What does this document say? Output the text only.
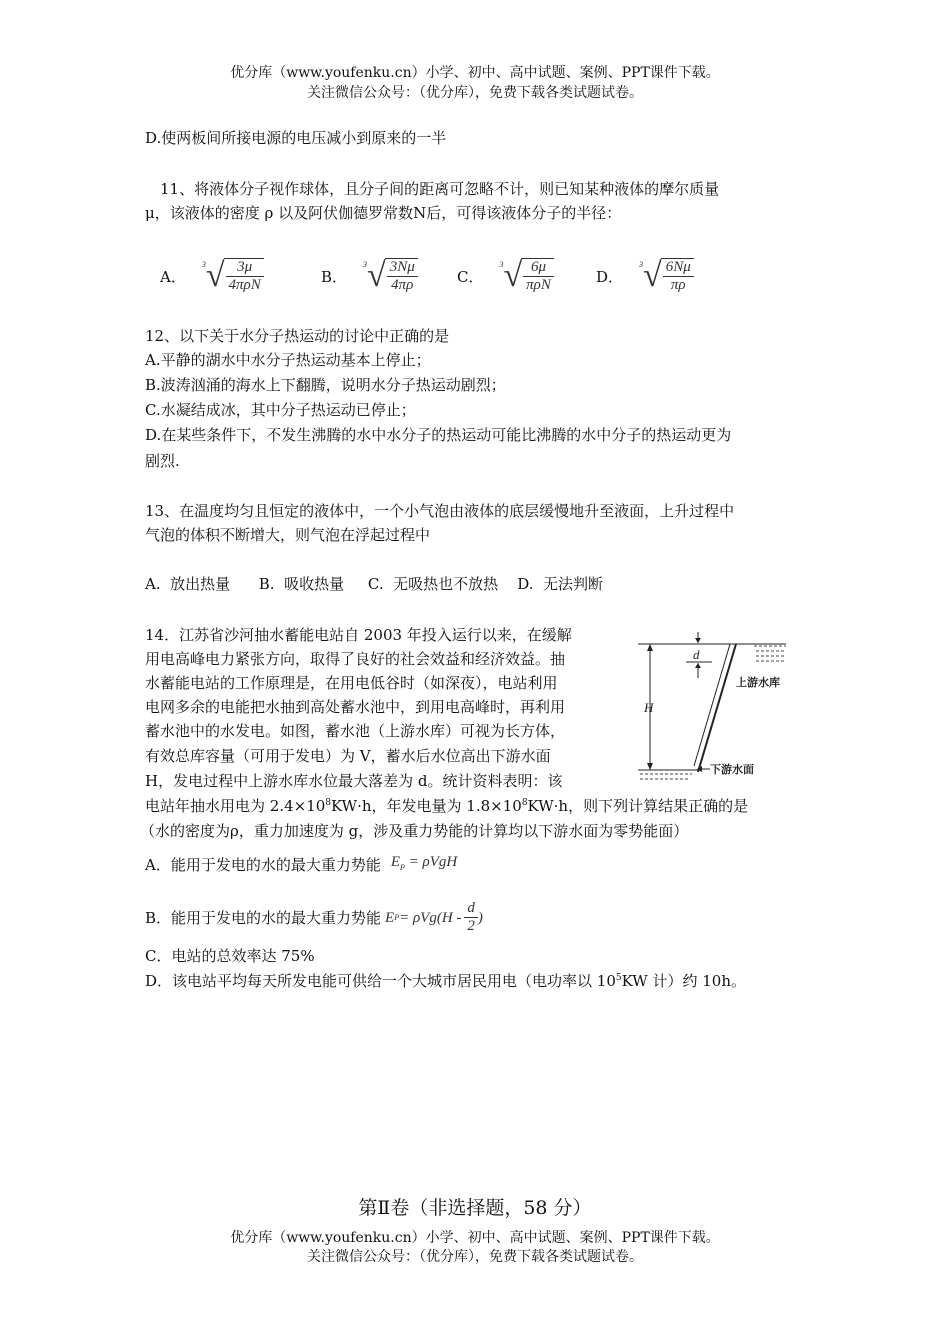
优分库（www.youfenku.cn）小学、初中、高中试题、案例、PPT课件下载。
关注微信公众号：（优分库），免费下载各类试题试卷。
D.使两板间所接电源的电压减小到原来的一半
11、将液体分子视作球体，且分子间的距离可忽略不计，则已知某种液体的摩尔质量
μ，该液体的密度 ρ 以及阿伏伽德罗常数N后，可得该液体分子的半径：
A．
3 √ $\frac{3\mu}{\text{4πρN}}$	B．
3 √ $\frac{3N\mu}{4\pi\rho}$	C．
3 √ $\frac{6\mu}{\text{πρN}}$	D．
3 √ $\frac{6N\mu}{\pi\rho}$
12、以下关于水分子热运动的讨论中正确的是
A.平静的湖水中水分子热运动基本上停止；
B.波涛汹涌的海水上下翻腾，说明水分子热运动剧烈；
C.水凝结成冰，其中分子热运动已停止；
D.在某些条件下，不发生沸腾的水中水分子的热运动可能比沸腾的水中分子的热运动更为
剧烈.
13、在温度均匀且恒定的液体中，一个小气泡由液体的底层缓慢地升至液面，上升过程中
气泡的体积不断增大，则气泡在浮起过程中
A.  放出热量      B.  吸收热量     C.  无吸热也不放热    D.  无法判断
14．江苏省沙河抽水蓄能电站自 2003 年投入运行以来，在缓解
用电高峰电力紧张方向，取得了良好的社会效益和经济效益。抽
水蓄能电站的工作原理是，在用电低谷时（如深夜），电站利用
电网多余的电能把水抽到高处蓄水池中，到用电高峰时，再利用
蓄水池中的水发电。如图，蓄水池（上游水库）可视为长方体，
有效总库容量（可用于发电）为 V，蓄水后水位高出下游水面
H，发电过程中上游水库水位最大落差为 d。统计资料表明：该
电站年抽水用电为 $2.4\times 10^8KW\cdot h$，年发电量为 $1.8\times 10^8KW\cdot h$，则下列计算结果正确的是
（水的密度为ρ，重力加速度为 g，涉及重力势能的计算均以下游水面为零势能面）
d
H
上游水库
下游水面
A．能用于发电的水的最大重力势能 $E_P = \rho VgH$
B．能用于发电的水的最大重力势能 E $P = \rho Vg(H - \frac{d}{2}$ )
C．电站的总效率达 75%
D．该电站平均每天所发电能可供给一个大城市居民用电（电功率以 $10^5KW$ 计）约 10h。
第Ⅱ卷（非选择题，58 分）
优分库（www.youfenku.cn）小学、初中、高中试题、案例、PPT课件下载。
关注微信公众号：（优分库），免费下载各类试题试卷。
